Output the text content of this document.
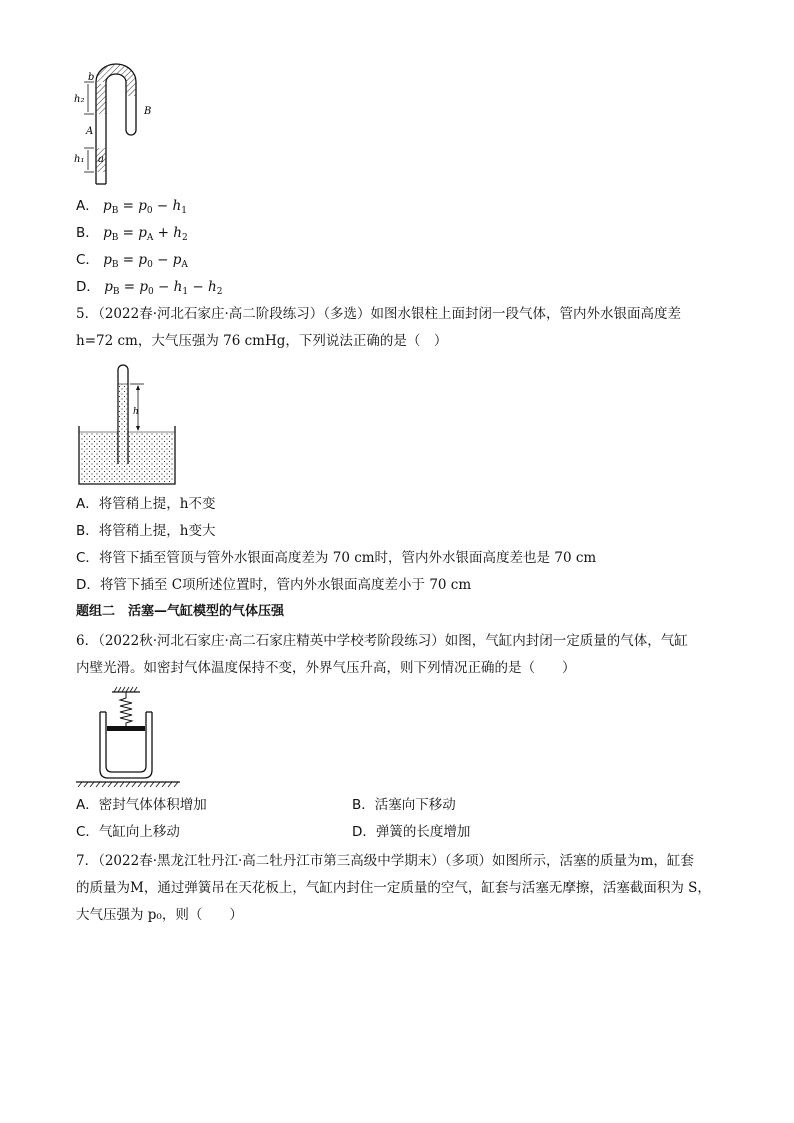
b
h₂
A
h₁ a
B
A． $p_B = p_0 - h_1$
B． $p_B = p_A + h_2$
C． $p_B = p_0 - p_A$
D． $p_B = p_0 - h_1 - h_2$
5．（2022春·河北石家庄·高二阶段练习）（多选）如图水银柱上面封闭一段气体，管内外水银面高度差
h=72 cm，大气压强为 76 cmHg，下列说法正确的是（　）
h
A．将管稍上提，h不变
B．将管稍上提，h变大
C．将管下插至管顶与管外水银面高度差为 70 cm时，管内外水银面高度差也是 70 cm
D．将管下插至 C项所述位置时，管内外水银面高度差小于 70 cm
题组二　活塞—气缸模型的气体压强
6．（2022秋·河北石家庄·高二石家庄精英中学校考阶段练习）如图，气缸内封闭一定质量的气体，气缸
内壁光滑。如密封气体温度保持不变，外界气压升高，则下列情况正确的是（　　）
A．密封气体体积增加	B．活塞向下移动
C．气缸向上移动	D．弹簧的长度增加
7．（2022春·黑龙江牡丹江·高二牡丹江市第三高级中学期末）（多项）如图所示，活塞的质量为m，缸套
的质量为M，通过弹簧吊在天花板上，气缸内封住一定质量的空气，缸套与活塞无摩擦，活塞截面积为 S，
大气压强为 p₀，则（　　）
